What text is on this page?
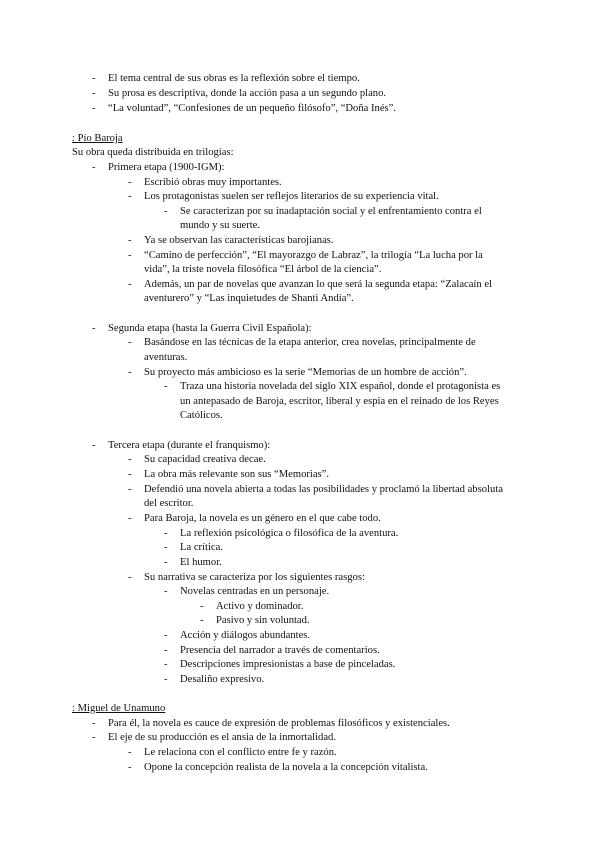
- El tema central de sus obras es la reflexión sobre el tiempo.
- Su prosa es descriptiva, donde la acción pasa a un segundo plano.
- “La voluntad”, “Confesiones de un pequeño filósofo”, “Doña Inés”.
: Pío Baroja
Su obra queda distribuida en trilogías:
- Primera etapa (1900-IGM):
- Escribió obras muy importantes.
- Los protagonistas suelen ser reflejos literarios de su experiencia vital.
- Se caracterizan por su inadaptación social y el enfrentamiento contra el
mundo y su suerte.
- Ya se observan las características barojianas.
- “Camino de perfección”, “El mayorazgo de Labraz”, la trilogía “La lucha por la
vida”, la triste novela filosófica “El árbol de la ciencia”.
- Además, un par de novelas que avanzan lo que será la segunda etapa: “Zalacaín el
aventurero” y “Las inquietudes de Shanti Andía”.
- Segunda etapa (hasta la Guerra Civil Española):
- Basándose en las técnicas de la etapa anterior, crea novelas, principalmente de
aventuras.
- Su proyecto más ambicioso es la serie “Memorias de un hombre de acción”.
- Traza una historia novelada del siglo XIX español, donde el protagonista es
un antepasado de Baroja, escritor, liberal y espía en el reinado de los Reyes
Católicos.
- Tercera etapa (durante el franquismo):
- Su capacidad creativa decae.
- La obra más relevante son sus “Memorias”.
- Defendió una novela abierta a todas las posibilidades y proclamó la libertad absoluta
del escritor.
- Para Baroja, la novela es un género en el que cabe todo.
- La reflexión psicológica o filosófica de la aventura.
- La crítica.
- El humor.
- Su narrativa se caracteriza por los siguientes rasgos:
- Novelas centradas en un personaje.
- Activo y dominador.
- Pasivo y sin voluntad.
- Acción y diálogos abundantes.
- Presencia del narrador a través de comentarios.
- Descripciones impresionistas a base de pinceladas.
- Desaliño expresivo.
: Miguel de Unamuno
- Para él, la novela es cauce de expresión de problemas filosóficos y existenciales.
- El eje de su producción es el ansia de la inmortalidad.
- Le relaciona con el conflicto entre fe y razón.
- Opone la concepción realista de la novela a la concepción vitalista.
